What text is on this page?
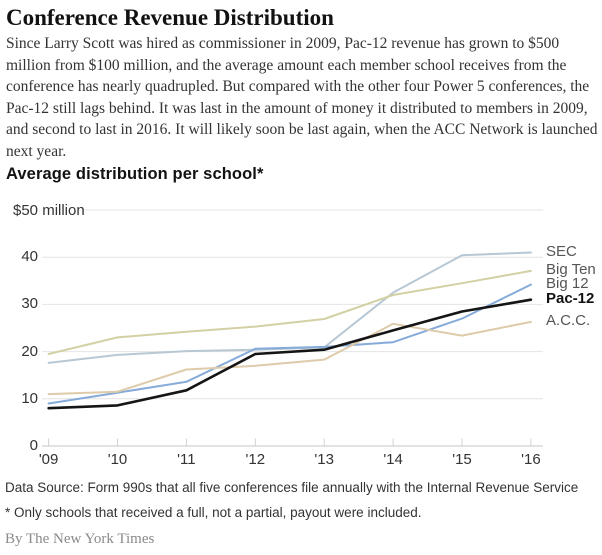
Conference Revenue Distribution

Since Larry Scott was hired as commissioner in 2009, Pac-12 revenue has grown to $500 million from $100 million, and the average amount each member school receives from the conference has nearly quadrupled. But compared with the other four Power 5 conferences, the Pac-12 still lags behind. It was last in the amount of money it distributed to members in 2009, and second to last in 2016. It will likely soon be last again, when the ACC Network is launched next year.

Average distribution per school*
$50 million
0
10
20
30
40
'09	'10	'11	'12	'13	'14	'15	'16
SEC
Big Ten
Big 12
Pac-12
A.C.C.
Data Source: Form 990s that all five conferences file annually with the Internal Revenue Service
* Only schools that received a full, not a partial, payout were included.
By The New York Times
